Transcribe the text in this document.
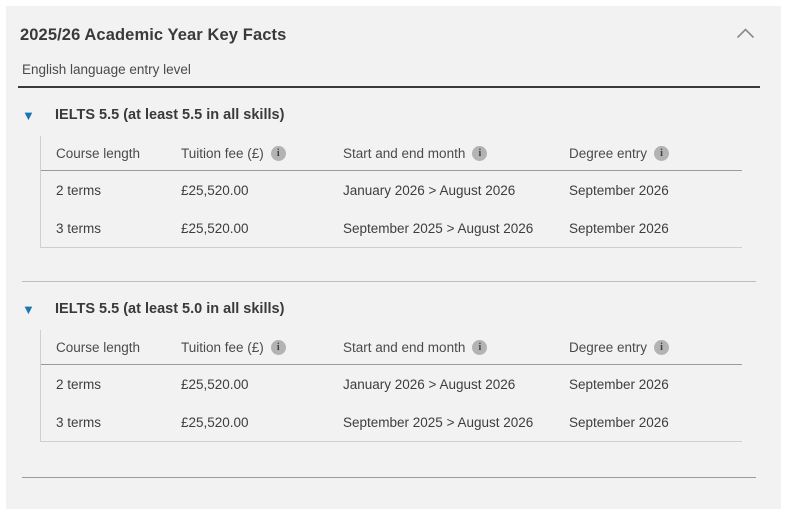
2025/26 Academic Year Key Facts
English language entry level
▼	IELTS 5.5 (at least 5.5 in all skills)
Course length	Tuition fee (£)	i	Start and end month	i	Degree entry	i
2 terms	£25,520.00	January 2026 > August 2026	September 2026
3 terms	£25,520.00	September 2025 > August 2026	September 2026
▼	IELTS 5.5 (at least 5.0 in all skills)
Course length	Tuition fee (£)	i	Start and end month	i	Degree entry	i
2 terms	£25,520.00	January 2026 > August 2026	September 2026
3 terms	£25,520.00	September 2025 > August 2026	September 2026
